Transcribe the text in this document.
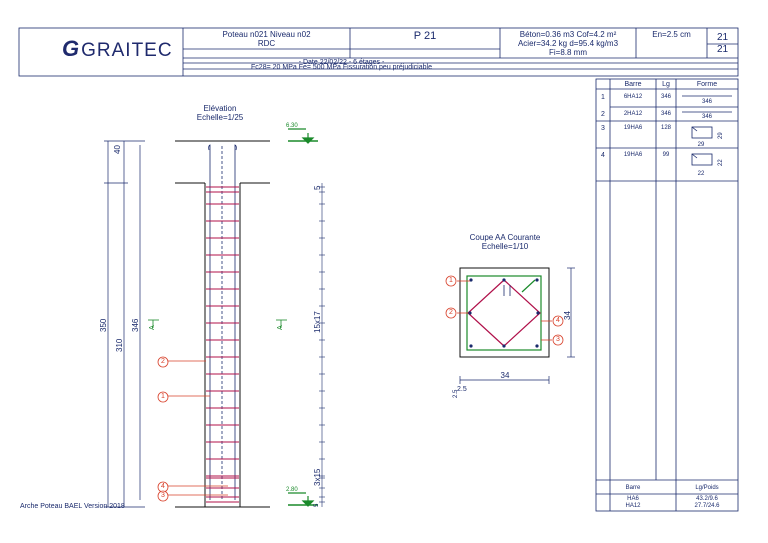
GGRAITEC
Poteau n021 Niveau n02
RDC
P 21	Béton=0.36 m3 Cof=4.2 m²
Acier=34.2 kg d=95.4 kg/m3
Fi=8.8 mm
En=2.5 cm	21
21
- Date 22/02/22 - 6 étages -
Fc28= 20 MPa Fe= 500 MPa Fissuration peu préjudiciable
Elévation
Echelle=1/25
6.30
2.80
40
350
310
346 A	A
5
15x17
3x15
5
2
1
4
3
Coupe AA Courante
Echelle=1/10
1
2
4
3
34
34
2.5
2.5
Barre	Lg	Forme
1	6HA12	346
346
2	2HA12	346	346
3	19HA6	128
29
29
4	19HA6	99
22
22
Barre	Lg/Poids
HA6	43.2/9.6
HA12	27.7/24.6
Arche Poteau BAEL Version 2018
